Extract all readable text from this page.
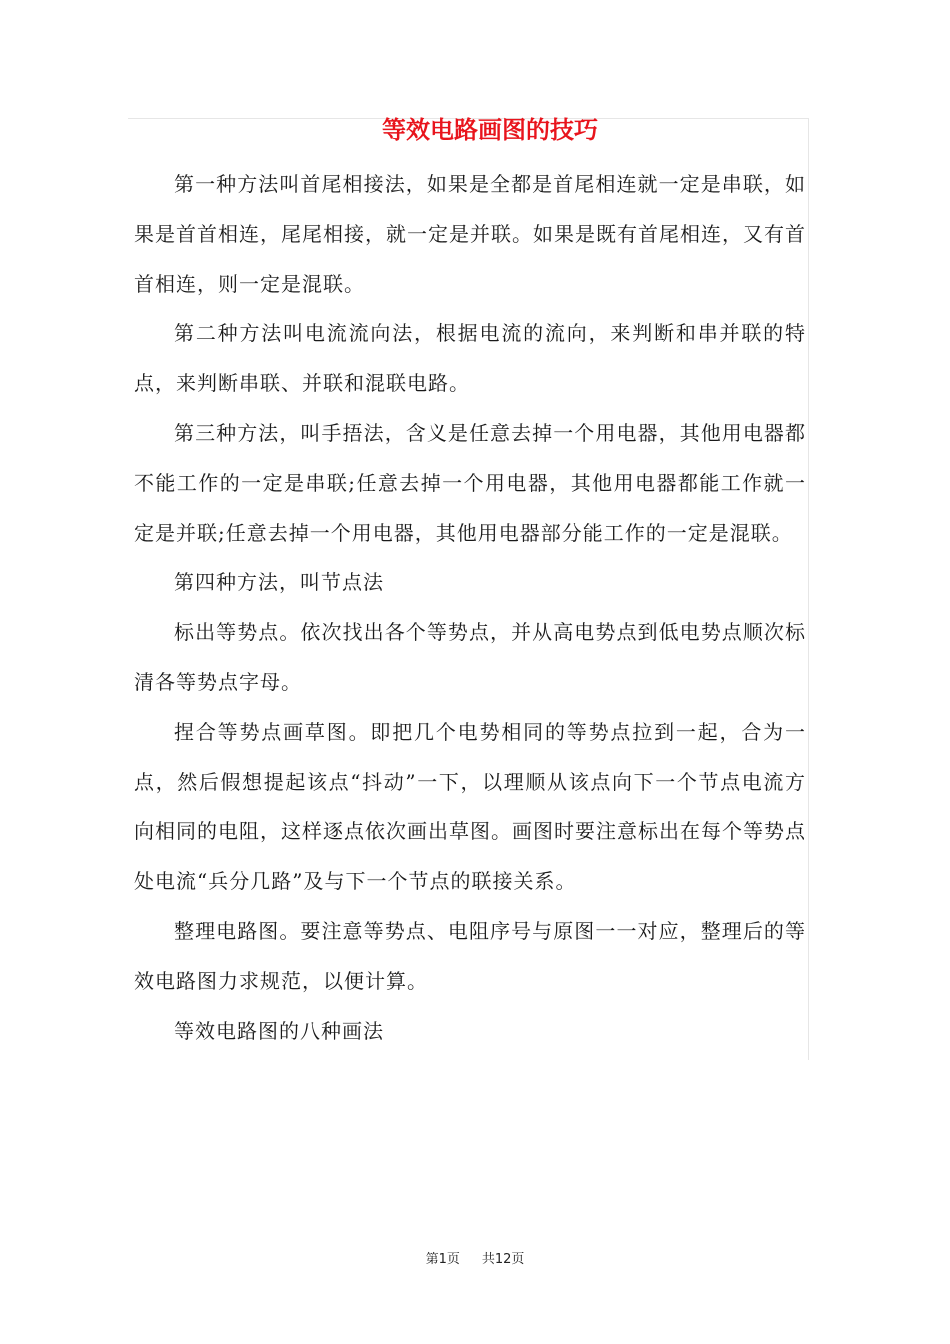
等效电路画图的技巧

第一种方法叫首尾相接法，如果是全都是首尾相连就一定是串联，如果是首首相连，尾尾相接，就一定是并联。如果是既有首尾相连，又有首首相连，则一定是混联。

第二种方法叫电流流向法，根据电流的流向，来判断和串并联的特点，来判断串联、并联和混联电路。

第三种方法，叫手捂法，含义是任意去掉一个用电器，其他用电器都不能工作的一定是串联;任意去掉一个用电器，其他用电器都能工作就一定是并联;任意去掉一个用电器，其他用电器部分能工作的一定是混联。

第四种方法，叫节点法

标出等势点。依次找出各个等势点，并从高电势点到低电势点顺次标清各等势点字母。

捏合等势点画草图。即把几个电势相同的等势点拉到一起，合为一点，然后假想提起该点“抖动”一下，以理顺从该点向下一个节点电流方向相同的电阻，这样逐点依次画出草图。画图时要注意标出在每个等势点处电流“兵分几路”及与下一个节点的联接关系。

整理电路图。要注意等势点、电阻序号与原图一一对应，整理后的等效电路图力求规范，以便计算。

等效电路图的八种画法

第1页 共12页
